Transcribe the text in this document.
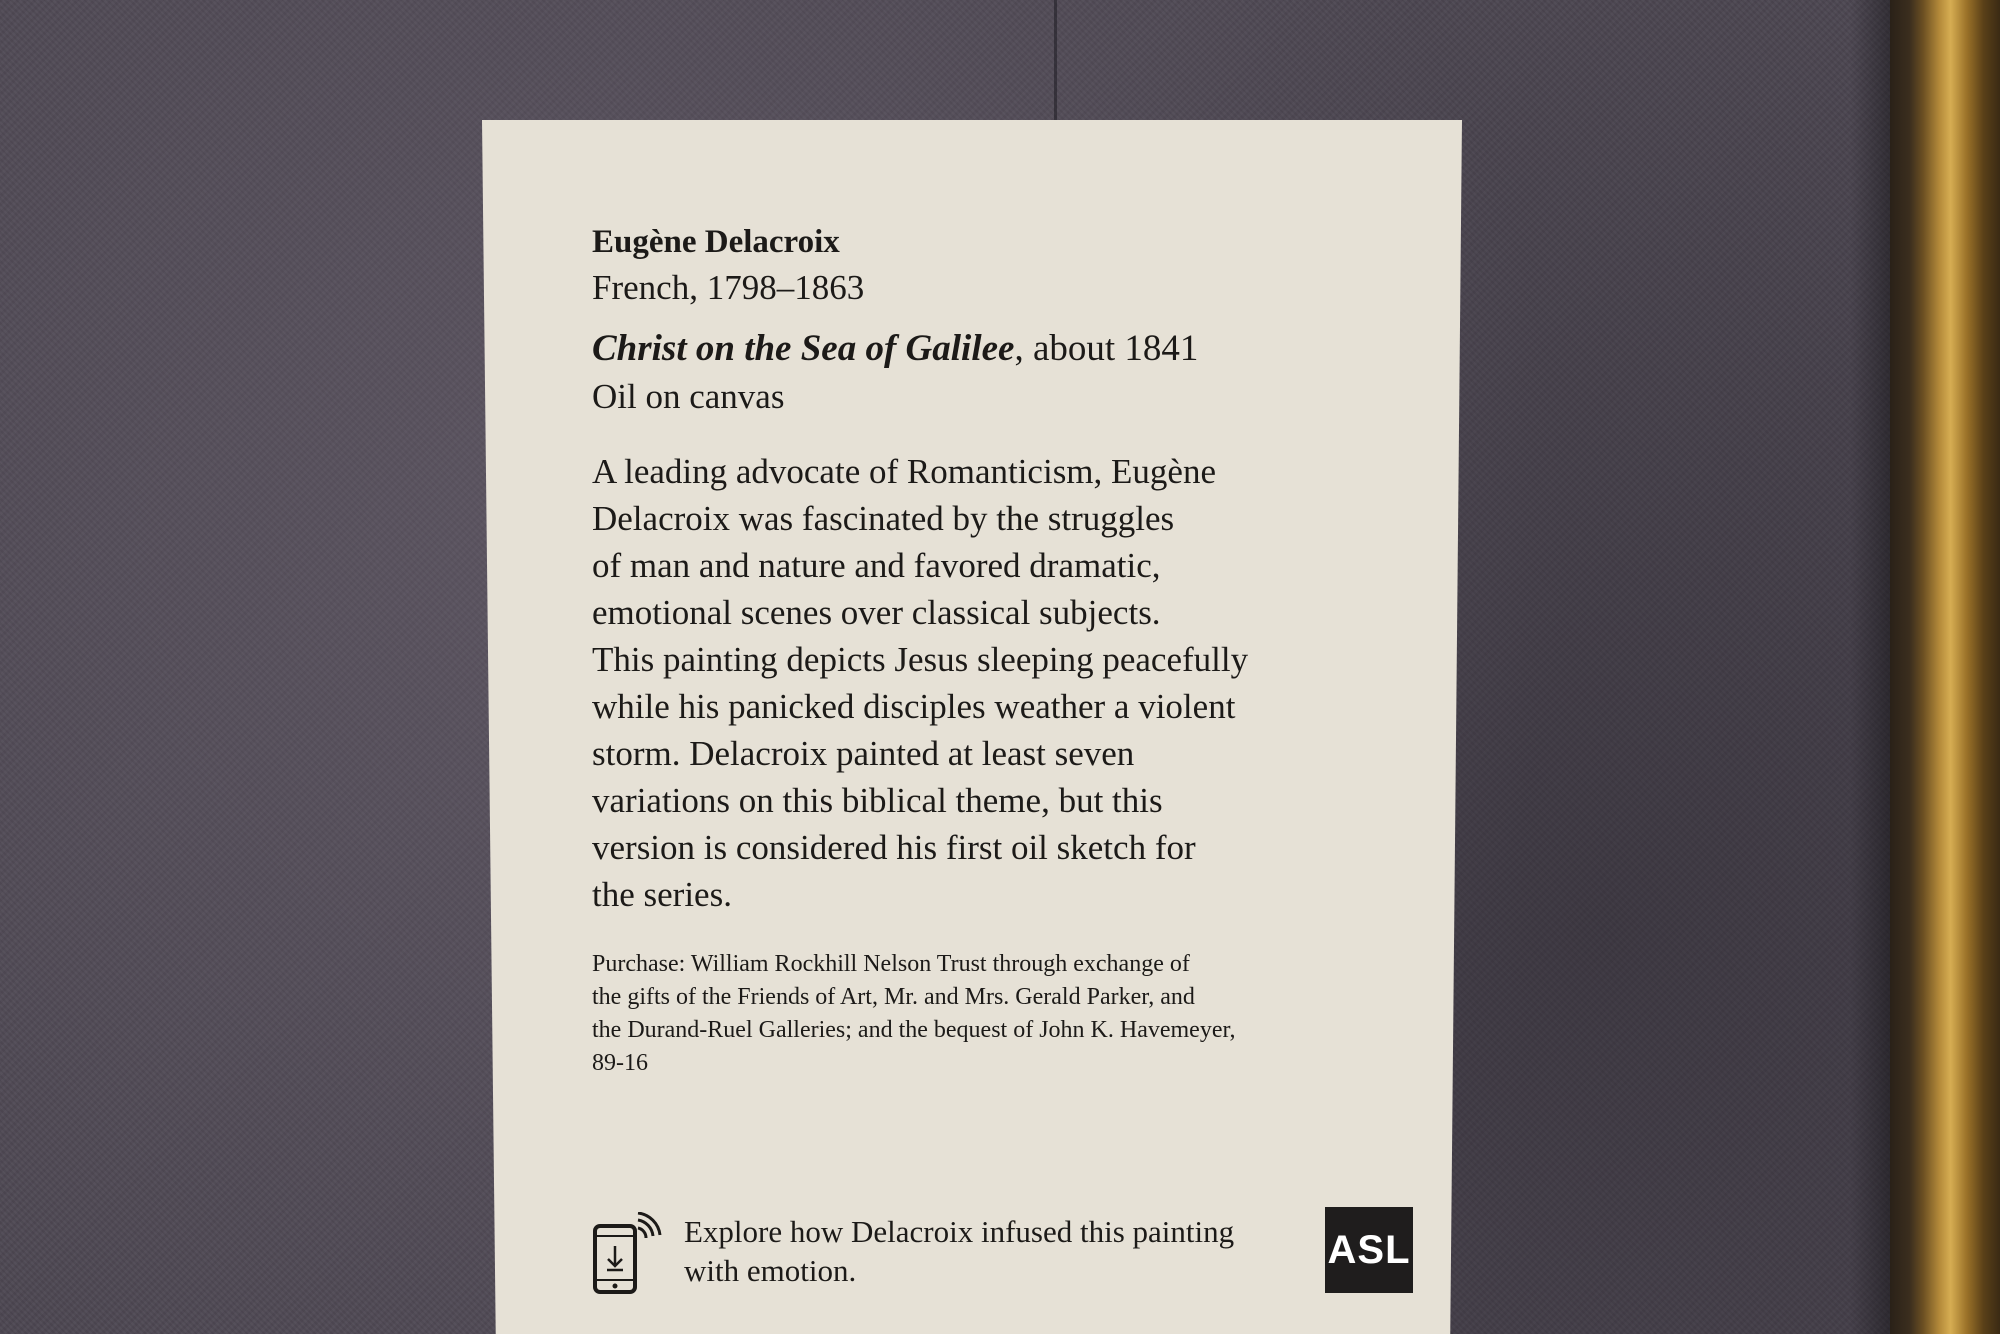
Eugène Delacroix

French, 1798–1863

Christ on the Sea of Galilee, about 1841

Oil on canvas

A leading advocate of Romanticism, Eugène
Delacroix was fascinated by the struggles
of man and nature and favored dramatic,
emotional scenes over classical subjects.
This painting depicts Jesus sleeping peacefully
while his panicked disciples weather a violent
storm. Delacroix painted at least seven
variations on this biblical theme, but this
version is considered his first oil sketch for
the series.
Purchase: William Rockhill Nelson Trust through exchange of
the gifts of the Friends of Art, Mr. and Mrs. Gerald Parker, and
the Durand-Ruel Galleries; and the bequest of John K. Havemeyer,
89-16
Explore how Delacroix infused this painting
with emotion.	ASL
